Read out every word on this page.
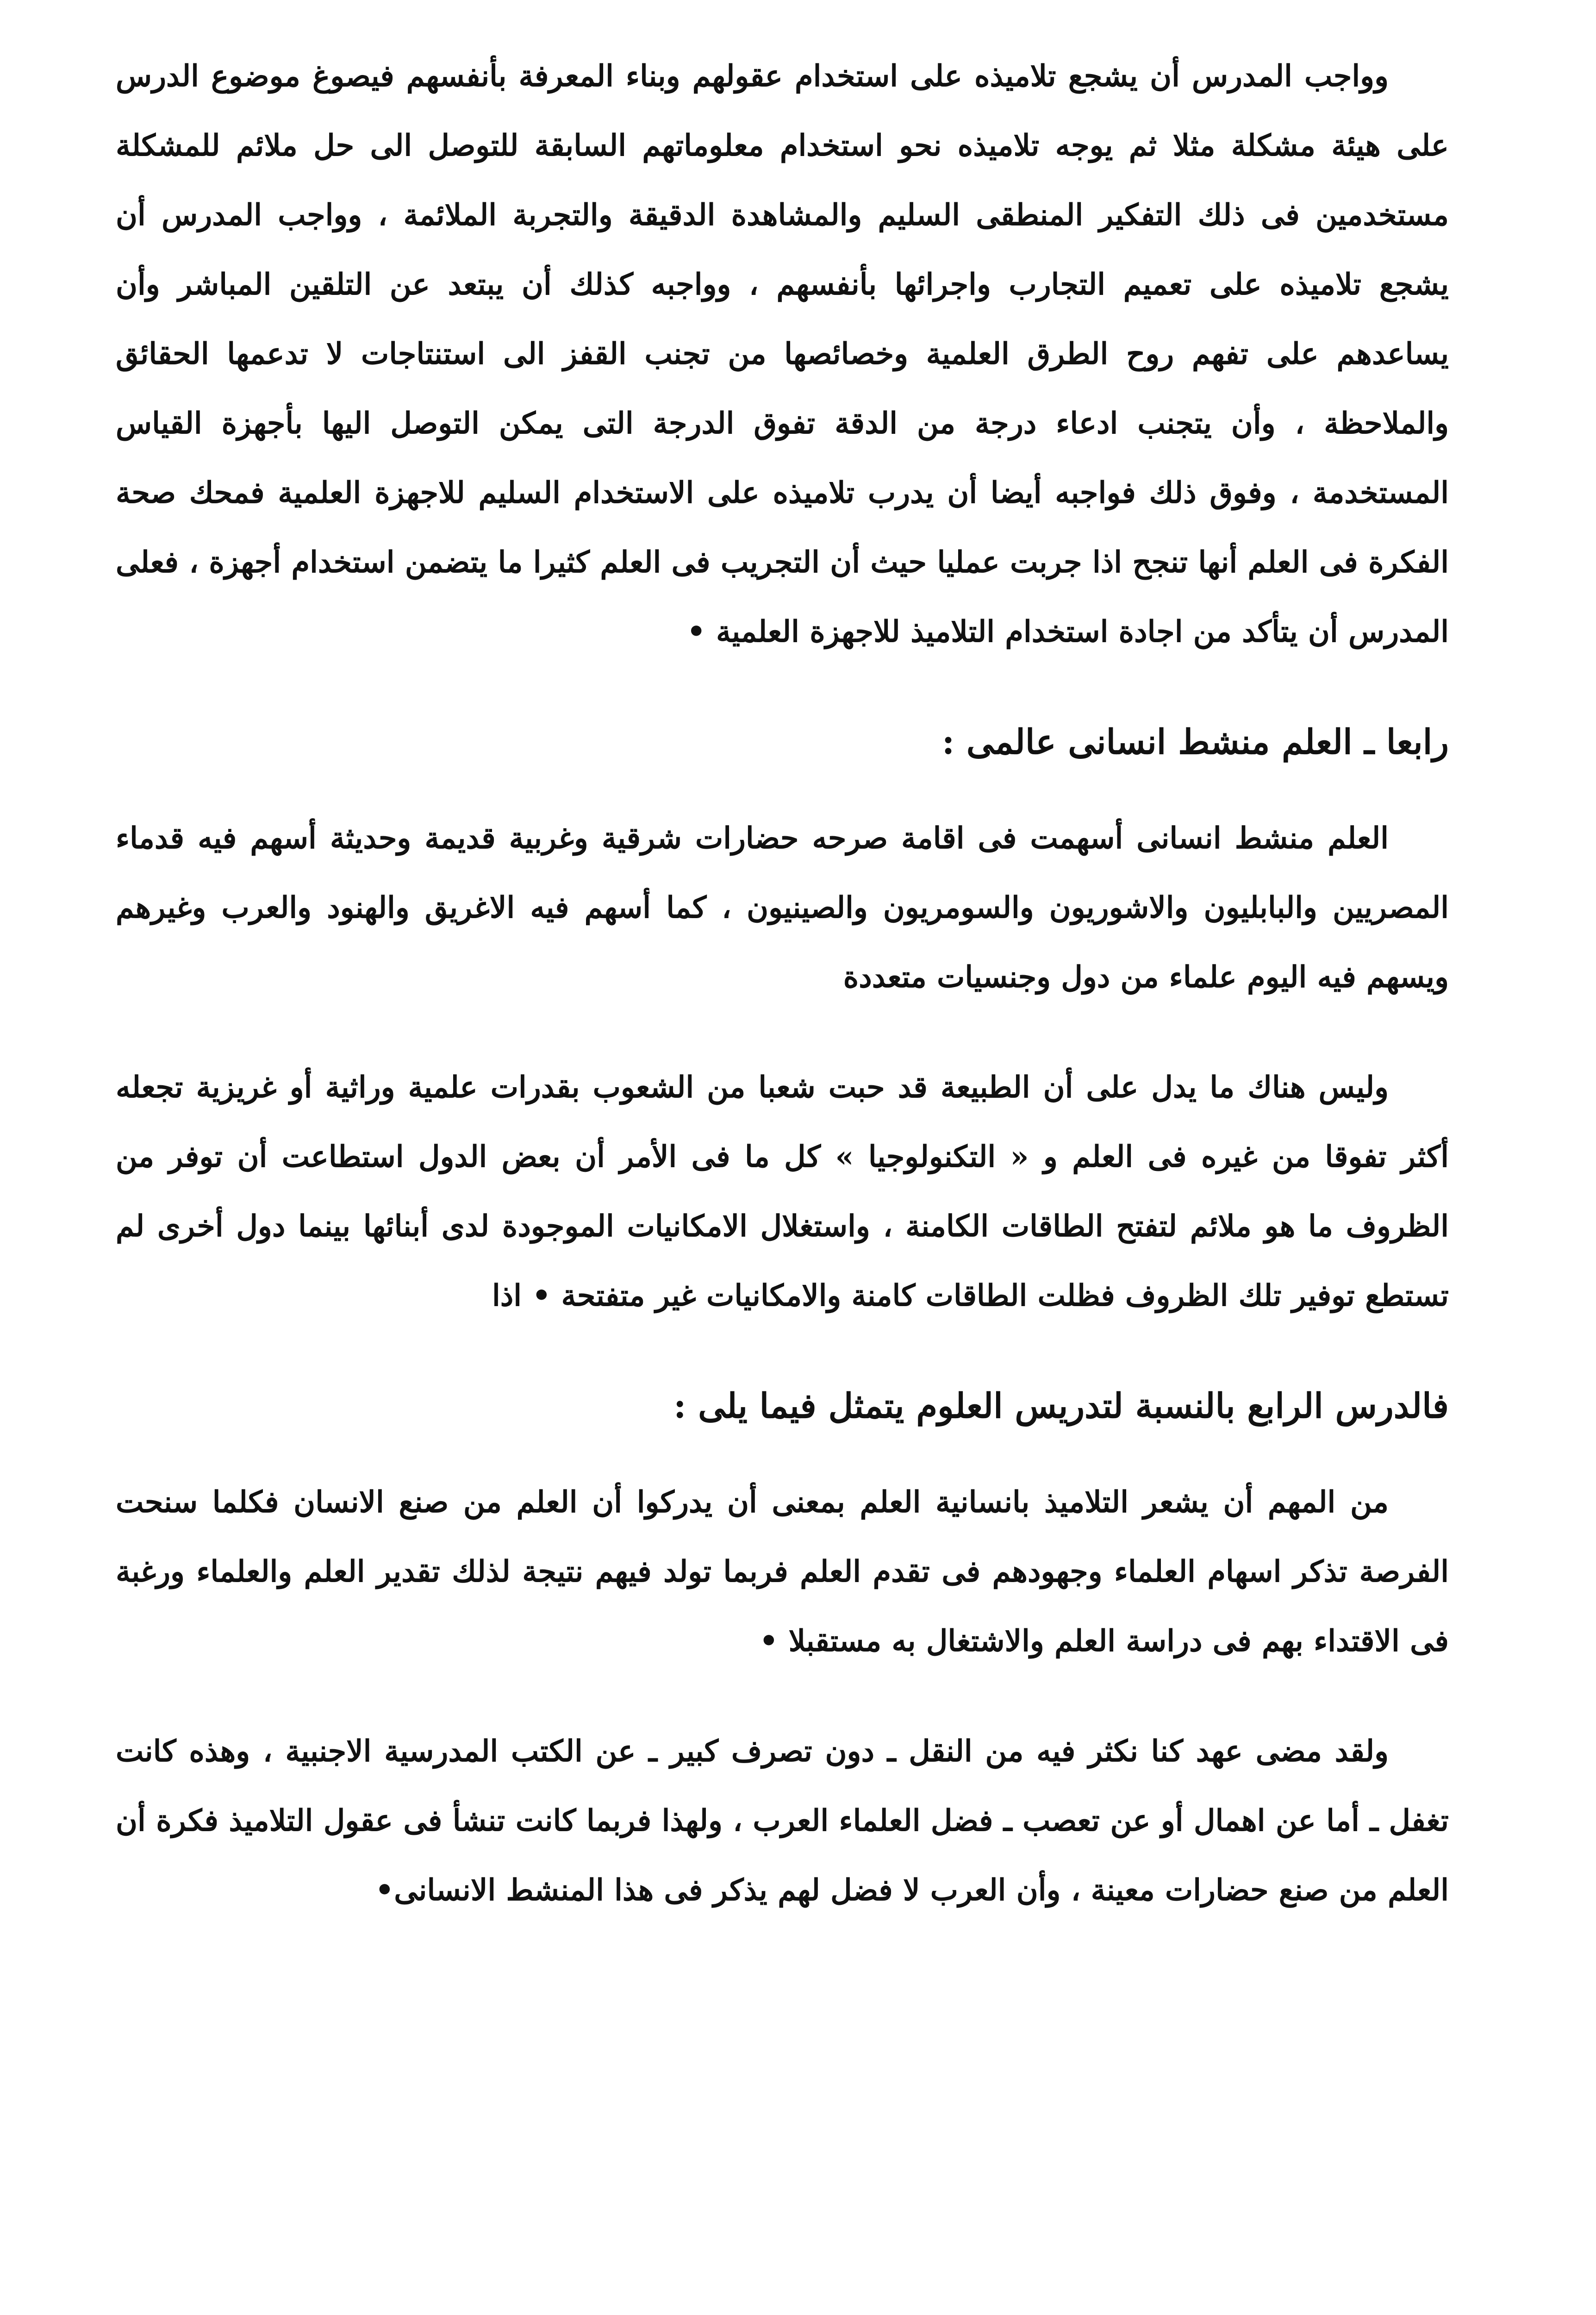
وواجب المدرس أن يشجع تلاميذه على استخدام عقولهم وبناء المعرفة بأنفسهم فيصوغ موضوع الدرس على هيئة مشكلة مثلا ثم يوجه تلاميذه نحو استخدام معلوماتهم السابقة للتوصل الى حل ملائم للمشكلة مستخدمين فى ذلك التفكير المنطقى السليم والمشاهدة الدقيقة والتجربة الملائمة ، وواجب المدرس أن يشجع تلاميذه على تعميم التجارب واجرائها بأنفسهم ، وواجبه كذلك أن يبتعد عن التلقين المباشر وأن يساعدهم على تفهم روح الطرق العلمية وخصائصها من تجنب القفز الى استنتاجات لا تدعمها الحقائق والملاحظة ، وأن يتجنب ادعاء درجة من الدقة تفوق الدرجة التى يمكن التوصل اليها بأجهزة القياس المستخدمة ، وفوق ذلك فواجبه أيضا أن يدرب تلاميذه على الاستخدام السليم للاجهزة العلمية فمحك صحة الفكرة فى العلم أنها تنجح اذا جربت عمليا حيث أن التجريب فى العلم كثيرا ما يتضمن استخدام أجهزة ، فعلى المدرس أن يتأكد من اجادة استخدام التلاميذ للاجهزة العلمية •

رابعا ـ العلم منشط انسانى عالمى :

العلم منشط انسانى أسهمت فى اقامة صرحه حضارات شرقية وغربية قديمة وحديثة أسهم فيه قدماء المصريين والبابليون والاشوريون والسومريون والصينيون ، كما أسهم فيه الاغريق والهنود والعرب وغيرهم ويسهم فيه اليوم علماء من دول وجنسيات متعددة

وليس هناك ما يدل على أن الطبيعة قد حبت شعبا من الشعوب بقدرات علمية وراثية أو غريزية تجعله أكثر تفوقا من غيره فى العلم و « التكنولوجيا » كل ما فى الأمر أن بعض الدول استطاعت أن توفر من الظروف ما هو ملائم لتفتح الطاقات الكامنة ، واستغلال الامكانيات الموجودة لدى أبنائها بينما دول أخرى لم تستطع توفير تلك الظروف فظلت الطاقات كامنة والامكانيات غير متفتحة • اذا

فالدرس الرابع بالنسبة لتدريس العلوم يتمثل فيما يلى :

من المهم أن يشعر التلاميذ بانسانية العلم بمعنى أن يدركوا أن العلم من صنع الانسان فكلما سنحت الفرصة تذكر اسهام العلماء وجهودهم فى تقدم العلم فربما تولد فيهم نتيجة لذلك تقدير العلم والعلماء ورغبة فى الاقتداء بهم فى دراسة العلم والاشتغال به مستقبلا •

ولقد مضى عهد كنا نكثر فيه من النقل ـ دون تصرف كبير ـ عن الكتب المدرسية الاجنبية ، وهذه كانت تغفل ـ أما عن اهمال أو عن تعصب ـ فضل العلماء العرب ، ولهذا فربما كانت تنشأ فى عقول التلاميذ فكرة أن العلم من صنع حضارات معينة ، وأن العرب لا فضل لهم يذكر فى هذا المنشط الانسانى•
